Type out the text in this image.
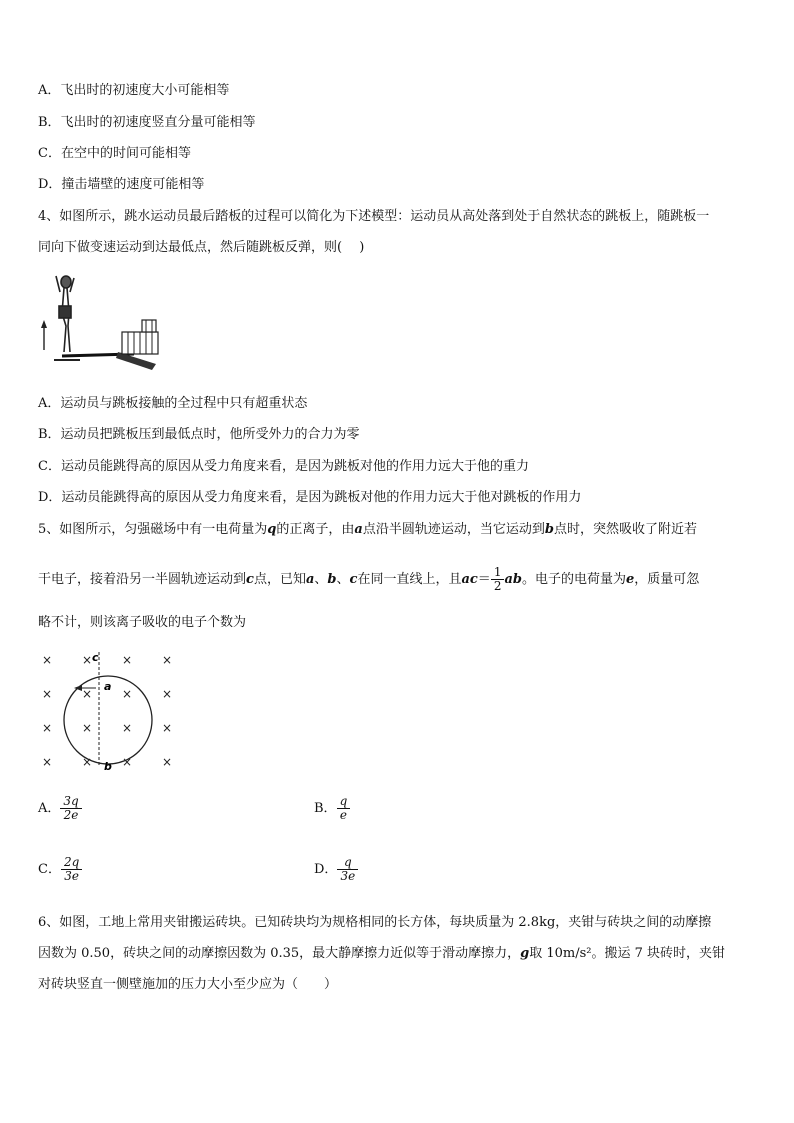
A．飞出时的初速度大小可能相等
B．飞出时的初速度竖直分量可能相等
C．在空中的时间可能相等
D．撞击墙壁的速度可能相等
4、如图所示，跳水运动员最后踏板的过程可以简化为下述模型：运动员从高处落到处于自然状态的跳板上，随跳板一
同向下做变速运动到达最低点，然后随跳板反弹，则(　 )
A．运动员与跳板接触的全过程中只有超重状态
B．运动员把跳板压到最低点时，他所受外力的合力为零
C．运动员能跳得高的原因从受力角度来看，是因为跳板对他的作用力远大于他的重力
D．运动员能跳得高的原因从受力角度来看，是因为跳板对他的作用力远大于他对跳板的作用力
5、如图所示，匀强磁场中有一电荷量为q的正离子，由a点沿半圆轨迹运动，当它运动到b点时，突然吸收了附近若
干电子，接着沿另一半圆轨迹运动到c点，已知a、b、c在同一直线上，且$ac= \frac{1}{2}$ ab。电子的电荷量为e，质量可忽
略不计，则该离子吸收的电子个数为
× × × ×
× × × ×
× × × ×
× × × ×
c
a
b
A． $\frac{3q}{2e}$	B． $\frac{q}{e}$
C． $\frac{2q}{3e}$	D． $\frac{q}{3e}$
6、如图，工地上常用夹钳搬运砖块。已知砖块均为规格相同的长方体，每块质量为 2.8kg，夹钳与砖块之间的动摩擦
因数为 0.50，砖块之间的动摩擦因数为 0.35，最大静摩擦力近似等于滑动摩擦力，g取 10m/s²。搬运 7 块砖时，夹钳
对砖块竖直一侧壁施加的压力大小至少应为（　　）
